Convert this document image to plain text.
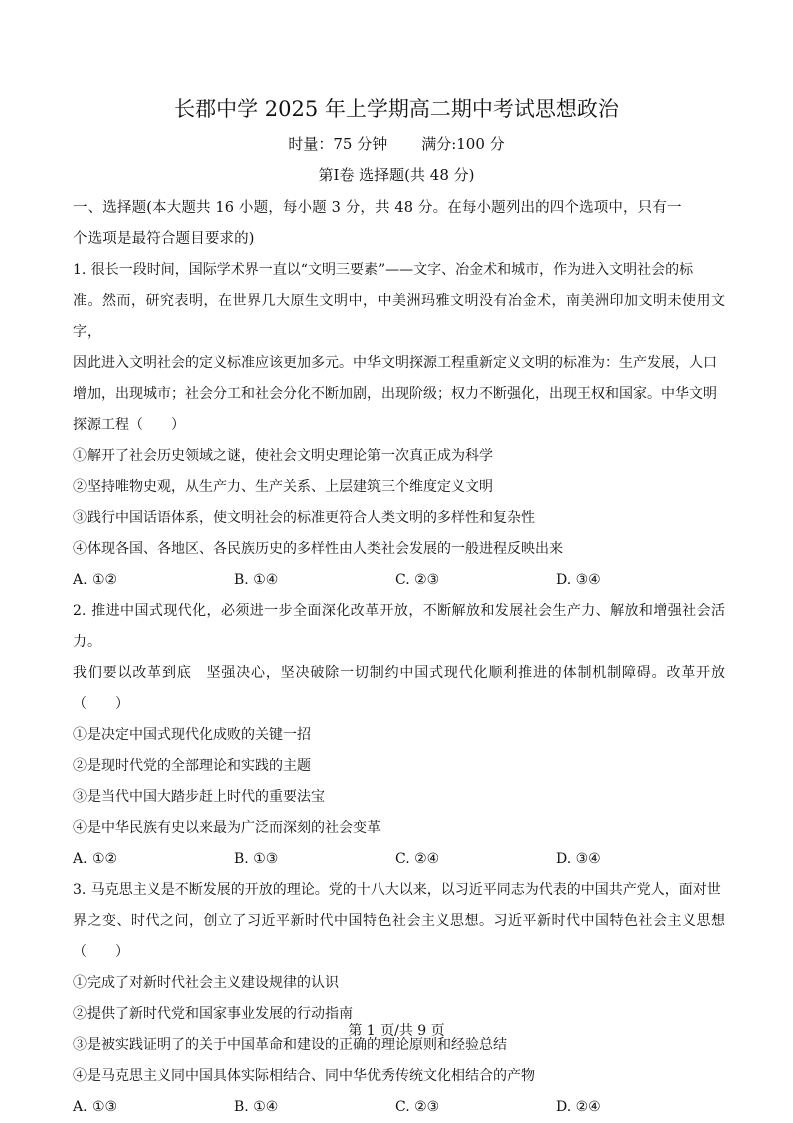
长郡中学 2025 年上学期高二期中考试思想政治
时量：75 分钟 满分:100 分
第Ⅰ卷 选择题(共 48 分)

一、选择题(本大题共 16 小题，每小题 3 分，共 48 分。在每小题列出的四个选项中，只有一

个选项是最符合题目要求的)

1. 很长一段时间，国际学术界一直以“文明三要素”——文字、冶金术和城市，作为进入文明社会的标

准。然而，研究表明，在世界几大原生文明中，中美洲玛雅文明没有冶金术，南美洲印加文明未使用文字，

因此进入文明社会的定义标准应该更加多元。中华文明探源工程重新定义文明的标准为：生产发展，人口

增加，出现城市；社会分工和社会分化不断加剧，出现阶级；权力不断强化，出现王权和国家。中华文明

探源工程（　　）

①解开了社会历史领域之谜，使社会文明史理论第一次真正成为科学

②坚持唯物史观，从生产力、生产关系、上层建筑三个维度定义文明

③践行中国话语体系，使文明社会的标准更符合人类文明的多样性和复杂性

④体现各国、各地区、各民族历史的多样性由人类社会发展的一般进程反映出来

A. ①②	B. ①④	C. ②③	D. ③④

2. 推进中国式现代化，必须进一步全面深化改革开放，不断解放和发展社会生产力、解放和增强社会活力。

我们要以改革到底　坚强决心，坚决破除一切制约中国式现代化顺利推进的体制机制障碍。改革开放（　　）

①是决定中国式现代化成败的关键一招

②是现时代党的全部理论和实践的主题

③是当代中国大踏步赶上时代的重要法宝

④是中华民族有史以来最为广泛而深刻的社会变革

A. ①②	B. ①③	C. ②④	D. ③④

3. 马克思主义是不断发展的开放的理论。党的十八大以来，以习近平同志为代表的中国共产党人，面对世

界之变、时代之问，创立了习近平新时代中国特色社会主义思想。习近平新时代中国特色社会主义思想（　　）

①完成了对新时代社会主义建设规律的认识

②提供了新时代党和国家事业发展的行动指南

③是被实践证明了的关于中国革命和建设的正确的理论原则和经验总结

④是马克思主义同中国具体实际相结合、同中华优秀传统文化相结合的产物

A. ①③	B. ①④	C. ②③	D. ②④
第 1 页/共 9 页
